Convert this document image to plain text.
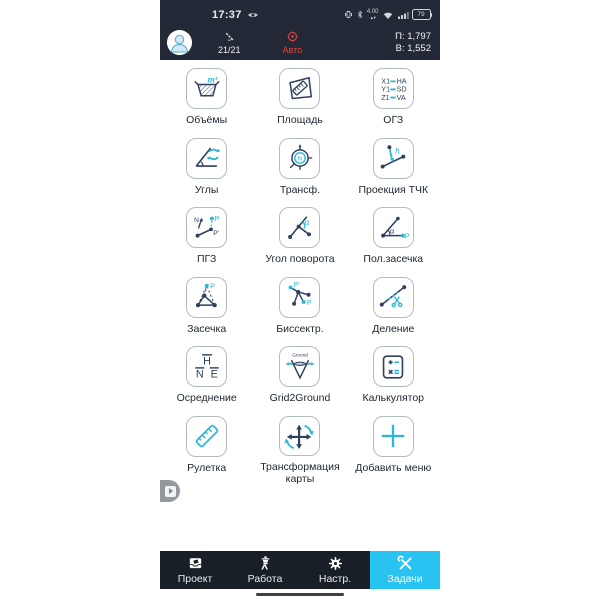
17:37	4.00
▲▼	79
21/21	Авто
П: 1,797
В: 1,552
m³
Объёмы	Площадь
X1 HA
Y1 SD
Z1 VA
ОГЗ
Углы
fx
Трансф.
h
Проекция ТЧК
N P
P'
ПГЗ
α
Угол поворота
α
P
Пол.засечка
P
Засечка
P'
P
Биссектр.	Деление
H
N E
Осреднение
Ground
Grid
Grid2Ground	Калькулятор
Рулетка	Трансформация карты
Добавить меню
Проект	Работа	Настр.	Задачи
